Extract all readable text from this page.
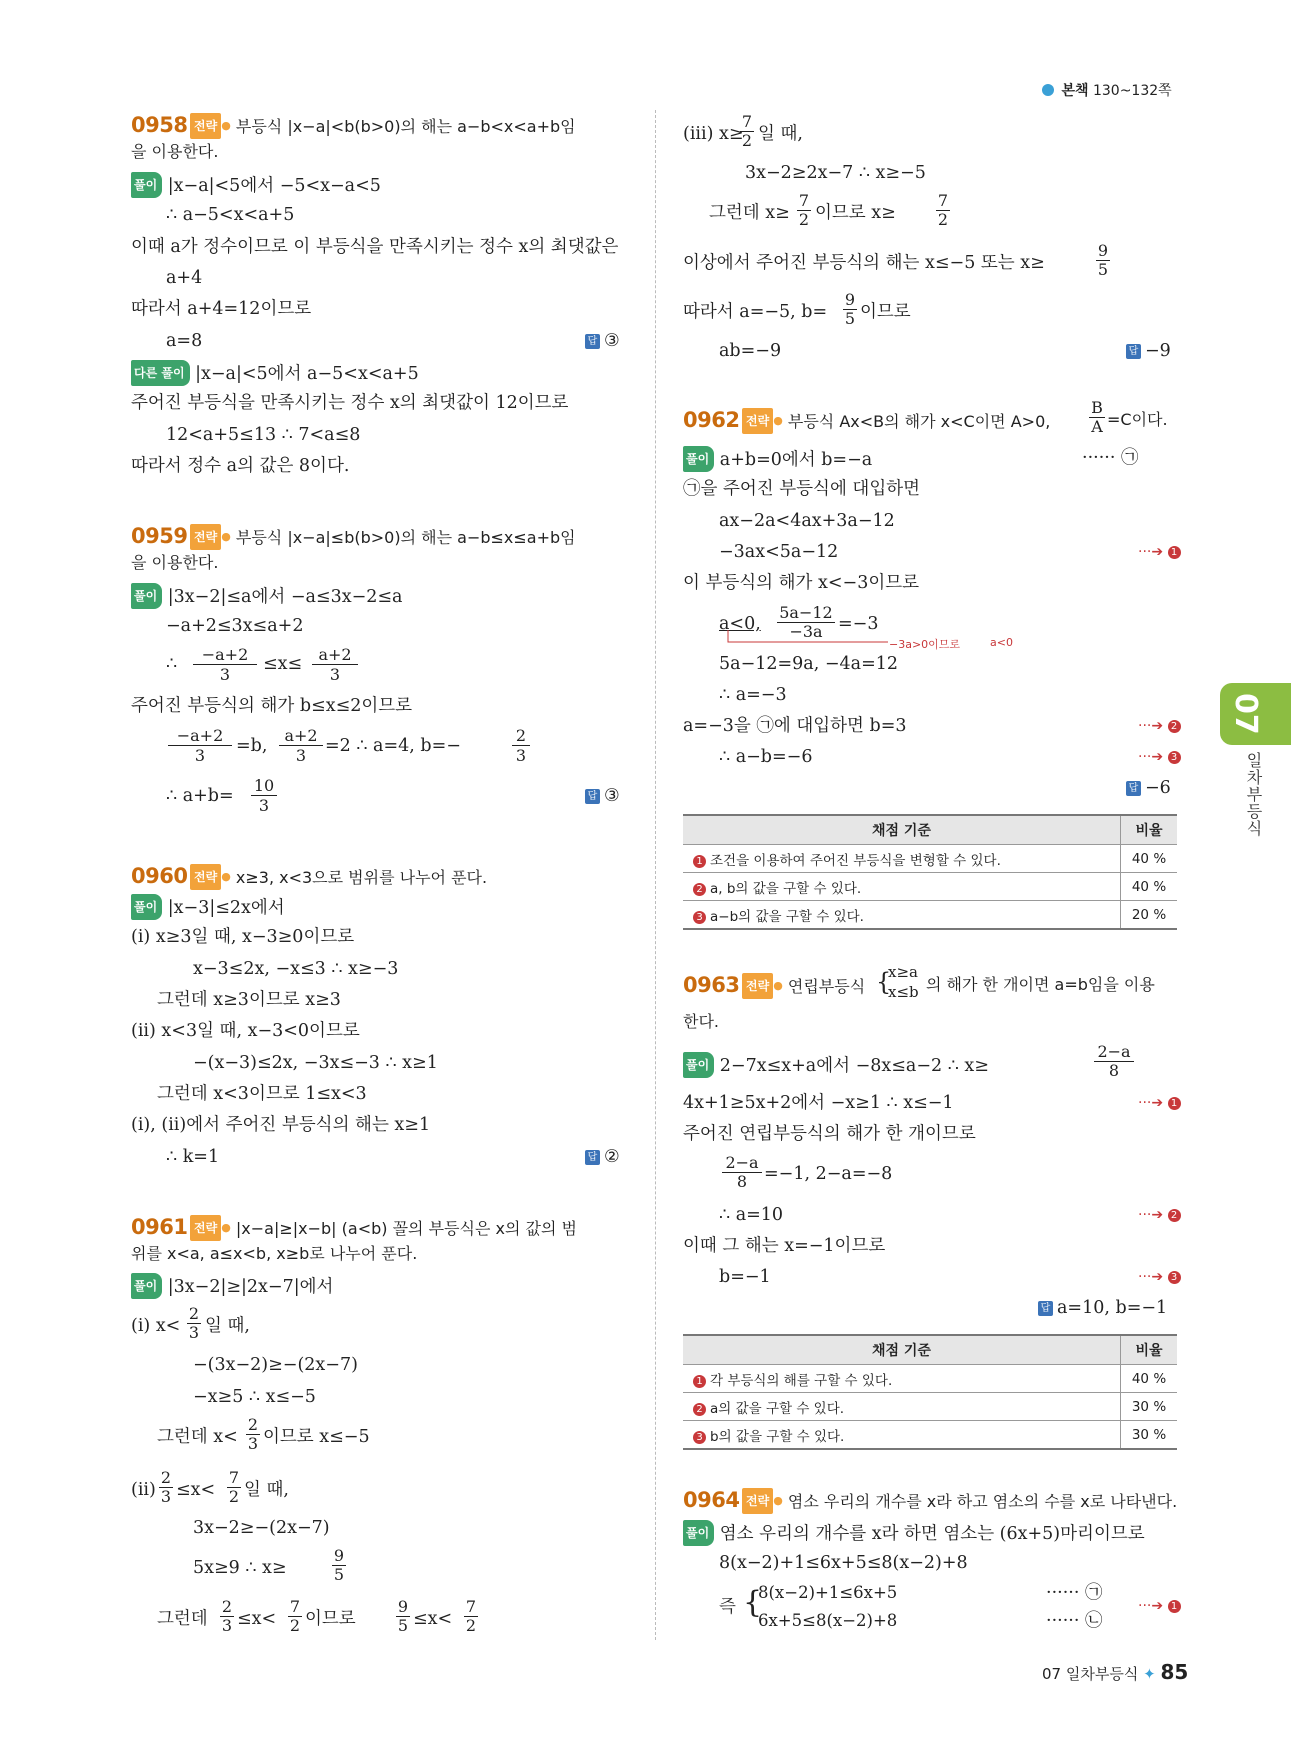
본책 130~132쪽
0958 전략 ● 부등식 |x−a|<b(b>0)의 해는 a−b<x<a+b임
을 이용한다.
풀이 |x−a|<5에서 −5<x−a<5
∴ a−5<x<a+5
이때 a가 정수이므로 이 부등식을 만족시키는 정수 x의 최댓값은
a+4
따라서 a+4=12이므로
a=8	답 ③
다른 풀이 |x−a|<5에서 a−5<x<a+5
주어진 부등식을 만족시키는 정수 x의 최댓값이 12이므로
12<a+5≤13 ∴ 7<a≤8
따라서 정수 a의 값은 8이다.
0959 전략 ● 부등식 |x−a|≤b(b>0)의 해는 a−b≤x≤a+b임
을 이용한다.
풀이 |3x−2|≤a에서 −a≤3x−2≤a
−a+2≤3x≤a+2
∴	−a+2
3
≤x≤	a+2
3
주어진 부등식의 해가 b≤x≤2이므로
−a+2
3	=b,
a+2
3	=2 ∴ a=4, b=−
2
3
∴ a+b=
10
3	답 ③
0960 전략 ● x≥3, x<3으로 범위를 나누어 푼다.
풀이 |x−3|≤2x에서
(i) x≥3일 때, x−3≥0이므로
x−3≤2x, −x≤3 ∴ x≥−3
그런데 x≥3이므로 x≥3
(ii) x<3일 때, x−3<0이므로
−(x−3)≤2x, −3x≤−3 ∴ x≥1
그런데 x<3이므로 1≤x<3
(i), (ii)에서 주어진 부등식의 해는 x≥1
∴ k=1	답 ②
0961 전략 ● |x−a|≥|x−b| (a<b) 꼴의 부등식은 x의 값의 범
위를 x<a, a≤x<b, x≥b로 나누어 푼다.
풀이 |3x−2|≥|2x−7|에서
(i) x<
2
3 일 때,
−(3x−2)≥−(2x−7)
−x≥5 ∴ x≤−5
그런데 x<
2
3 이므로 x≤−5
(ii)
2
3 ≤x<
7
2 일 때,
3x−2≥−(2x−7)
5x≥9 ∴ x≥
9
5
그런데
2
3 ≤x<
7
2 이므로
9
5 ≤x<
7
2
(iii) x≥
7
2 일 때,
3x−2≥2x−7 ∴ x≥−5
그런데 x≥
7
2 이므로 x≥
7
2
이상에서 주어진 부등식의 해는 x≤−5 또는 x≥
9
5
따라서 a=−5, b=
9
5 이므로
ab=−9	답 −9
0962 전략 ● 부등식 Ax<B의 해가 x<C이면 A>0,
B
A =C이다.
풀이 a+b=0에서 b=−a	······ ㉠
㉠을 주어진 부등식에 대입하면
ax−2a<4ax+3a−12
−3ax<5a−12	···➔ 1
이 부등식의 해가 x<−3이므로
a<0,
5a−12
−3a =−3
−3a>0이므로	a<0
5a−12=9a, −4a=12
∴ a=−3
a=−3을 ㉠에 대입하면 b=3	···➔ 2
∴ a−b=−6	···➔ 3
답 −6
채점 기준	비율
1 조건을 이용하여 주어진 부등식을 변형할 수 있다.	40 %
2 a, b의 값을 구할 수 있다.	40 %
3 a−b의 값을 구할 수 있다.	20 %
0963 전략 ● 연립부등식 {
x≥a
x≤b 의 해가 한 개이면 a=b임을 이용
한다.
풀이 2−7x≤x+a에서 −8x≤a−2 ∴ x≥
2−a
8
4x+1≥5x+2에서 −x≥1 ∴ x≤−1	···➔ 1
주어진 연립부등식의 해가 한 개이므로
2−a
8 =−1, 2−a=−8
∴ a=10	···➔ 2
이때 그 해는 x=−1이므로
b=−1	···➔ 3
답 a=10, b=−1
채점 기준	비율
1 각 부등식의 해를 구할 수 있다.	40 %
2 a의 값을 구할 수 있다.	30 %
3 b의 값을 구할 수 있다.	30 %
0964 전략 ● 염소 우리의 개수를 x라 하고 염소의 수를 x로 나타낸다.
풀이 염소 우리의 개수를 x라 하면 염소는 (6x+5)마리이므로
8(x−2)+1≤6x+5≤8(x−2)+8
즉 {
8(x−2)+1≤6x+5
6x+5≤8(x−2)+8
······ ㉠
······ ㉡
···➔ 1
07
일차부등식
07 일차부등식 ✦ 85
